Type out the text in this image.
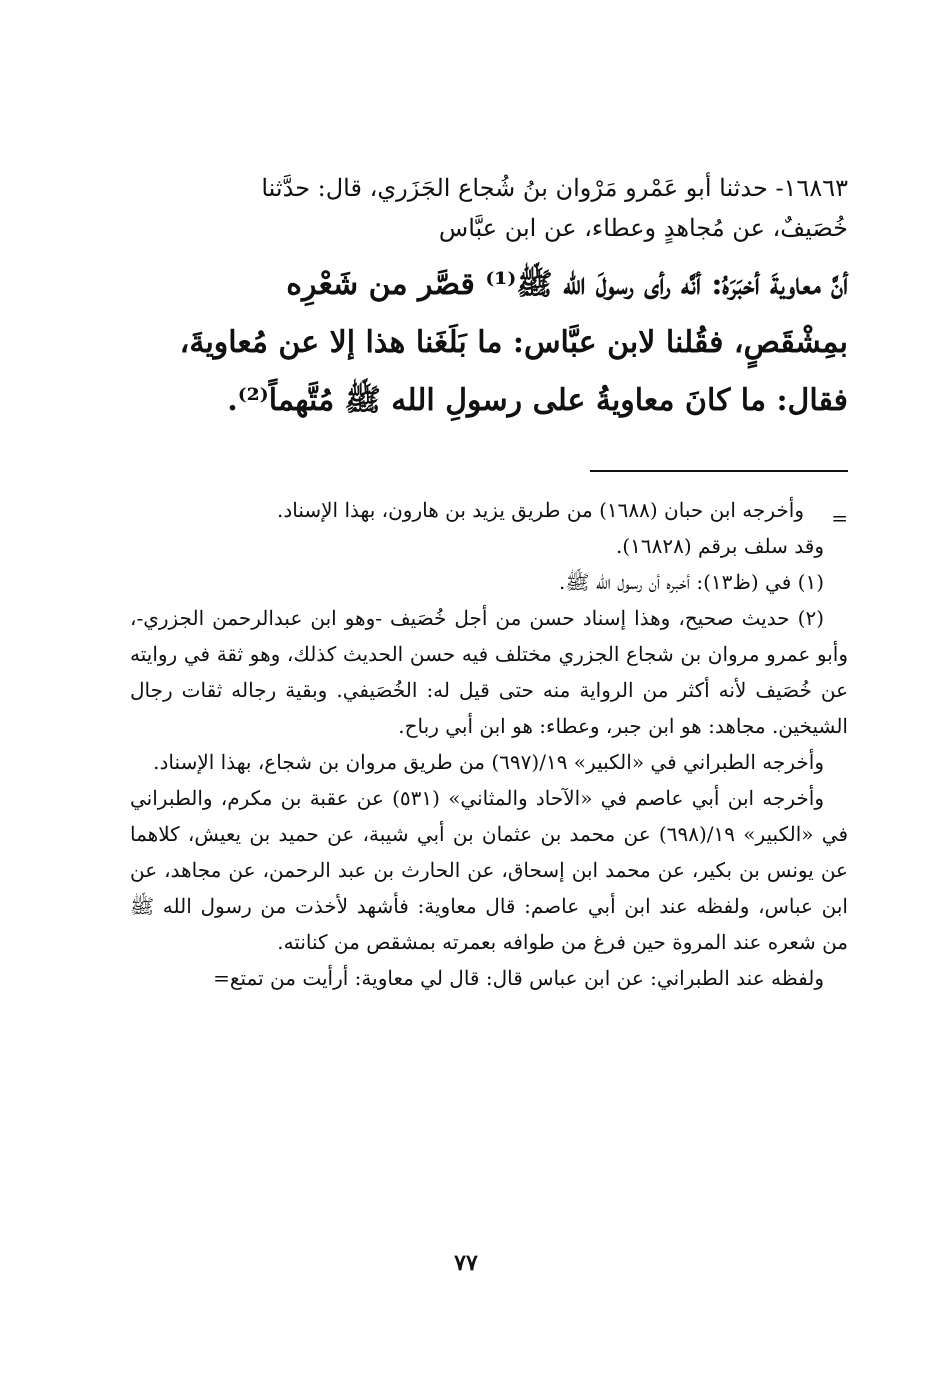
١٦٨٦٣- حدثنا أبو عَمْرو مَرْوان بنُ شُجاع الجَزَري، قال: حدَّثنا
خُصَيفٌ، عن مُجاهدٍ وعطاء، عن ابن عبَّاس

أنَّ معاويةَ أخبَرَهُ: أنَّه رأى رسولَ الله ﷺ⁽¹⁾ قصَّر من شَعْرِه
بمِشْقَصٍ، فقُلنا لابن عبَّاس: ما بَلَغَنا هذا إلا عن مُعاويةَ،
فقال: ما كانَ معاويةُ على رسولِ الله ﷺ مُتَّهماً⁽²⁾.

=

وأخرجه ابن حبان (١٦٨٨) من طريق يزيد بن هارون، بهذا الإسناد.

وقد سلف برقم (١٦٨٢٨).

(١) في (ظ١٣): أخبره أن رسول الله ﷺ.

(٢) حديث صحيح، وهذا إسناد حسن من أجل خُصَيف -وهو ابن عبدالرحمن الجزري-، وأبو عمرو مروان بن شجاع الجزري مختلف فيه حسن الحديث كذلك، وهو ثقة في روايته عن خُصَيف لأنه أكثر من الرواية منه حتى قيل له: الخُصَيفي. وبقية رجاله ثقات رجال الشيخين. مجاهد: هو ابن جبر، وعطاء: هو ابن أبي رباح.

وأخرجه الطبراني في «الكبير» ١٩/(٦٩٧) من طريق مروان بن شجاع، بهذا الإسناد.

وأخرجه ابن أبي عاصم في «الآحاد والمثاني» (٥٣١) عن عقبة بن مكرم، والطبراني في «الكبير» ١٩/(٦٩٨) عن محمد بن عثمان بن أبي شيبة، عن حميد بن يعيش، كلاهما عن يونس بن بكير، عن محمد ابن إسحاق، عن الحارث بن عبد الرحمن، عن مجاهد، عن ابن عباس، ولفظه عند ابن أبي عاصم: قال معاوية: فأشهد لأخذت من رسول الله ﷺ من شعره عند المروة حين فرغ من طوافه بعمرته بمشقص من كنانته.

ولفظه عند الطبراني: عن ابن عباس قال: قال لي معاوية: أرأيت من تمتع=

٧٧
